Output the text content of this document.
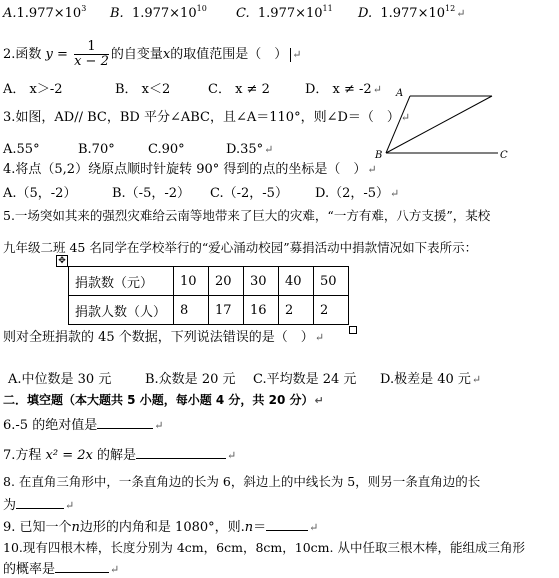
$A.1.977\times 10^3$ B. $1.977\times 10^{10}$ C. $1.977\times 10^{11}$ D. $1.977\times 10^{12}↵$
2.函数 $y = \frac{1}{x - 2}$ 的自变量x的取值范围是（　） ↵
A． x＞-2	B． x＜2	C． x ≠ 2	D． x ≠ -2↵
3.如图，AD// BC，BD 平分∠ABC，且∠A＝110°，则∠D＝（　）↵
A.55°	B.70°	C.90°	D.35°↵
A
B	C
4.将点（5,2）绕原点顺时针旋转 90° 得到的点的坐标是（　）↵
A.（5，-2）	B.（-5，-2） C.（-2，-5） D.（2，-5）↵
5.一场突如其来的强烈灾难给云南等地带来了巨大的灾难，“一方有难，八方支援”，某校
九年级二班 45 名同学在学校举行的“爱心涌动校园”募捐活动中捐款情况如下表所示：
✥
捐款数（元）	10	20	30	40	50
捐款人数（人）	8	17	16	2	2
则对全班捐款的 45 个数据，下列说法错误的是（　）↵
A.中位数是 30 元	B.众数是 20 元 C.平均数是 24 元 D.极差是 40 元↵
二．填空题（本大题共 5 小题，每小题 4 分，共 20 分）↵
6.-5 的绝对值是	↵
7.方程 x² = 2x 的解是	↵
8. 在直角三角形中，一条直角边的长为 6，斜边上的中线长为 5，则另一条直角边的长
为	↵
9. 已知一个n边形的内角和是 1080°，则.n＝	↵
10.现有四根木棒，长度分别为 4cm，6cm，8cm，10cm. 从中任取三根木棒，能组成三角形
的概率是	↵
